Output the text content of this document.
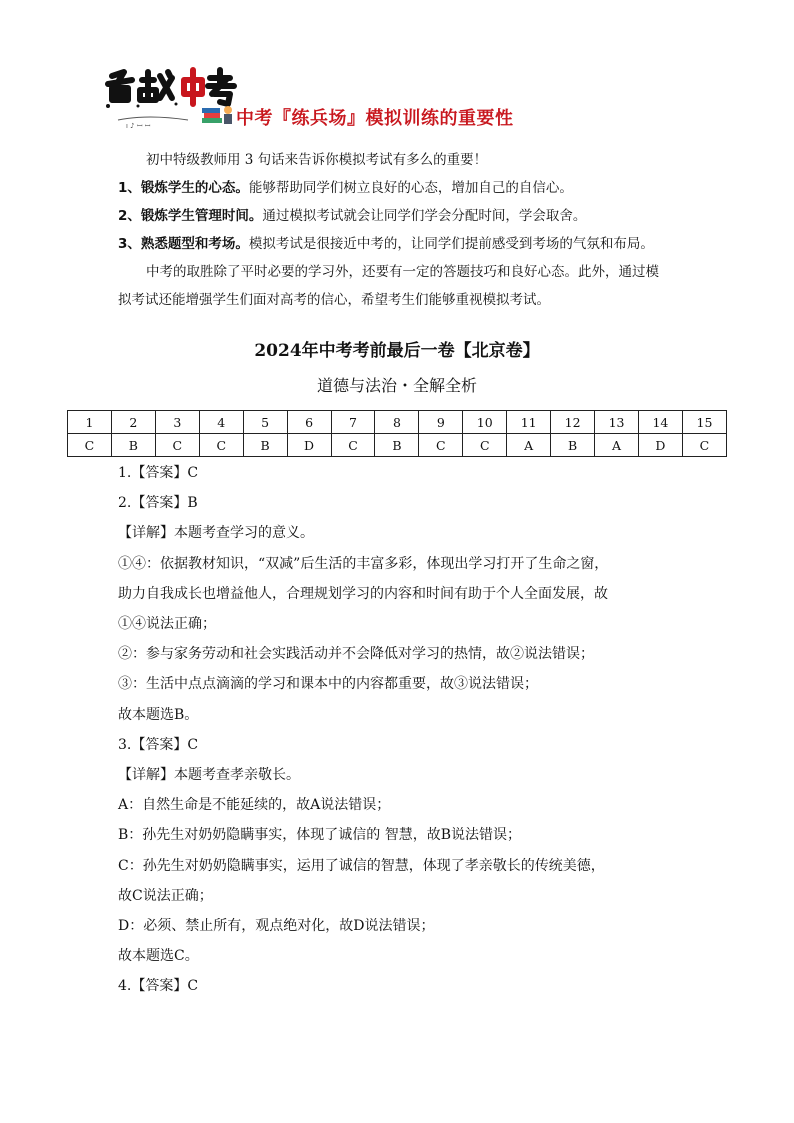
ו ♪ ꟷ ꟷ	中考『练兵场』模拟训练的重要性

初中特级教师用 3 句话来告诉你模拟考试有多么的重要！

1、锻炼学生的心态。能够帮助同学们树立良好的心态，增加自己的自信心。

2、锻炼学生管理时间。通过模拟考试就会让同学们学会分配时间，学会取舍。

3、熟悉题型和考场。模拟考试是很接近中考的，让同学们提前感受到考场的气氛和布局。

中考的取胜除了平时必要的学习外，还要有一定的答题技巧和良好心态。此外，通过模

拟考试还能增强学生们面对高考的信心，希望考生们能够重视模拟考试。

2024年中考考前最后一卷【北京卷】
道德与法治・全解全析
1	2	3	4	5	6	7	8	9	10	11	12	13	14	15
C	B	C	C	B	D	C	B	C	C	A	B	A	D	C

1.【答案】C

2.【答案】B

【详解】本题考查学习的意义。

①④：依据教材知识，“双减”后生活的丰富多彩，体现出学习打开了生命之窗，

助力自我成长也增益他人，合理规划学习的内容和时间有助于个人全面发展，故

①④说法正确；

②：参与家务劳动和社会实践活动并不会降低对学习的热情，故②说法错误；

③：生活中点点滴滴的学习和课本中的内容都重要，故③说法错误；

故本题选B。

3.【答案】C

【详解】本题考查孝亲敬长。

A：自然生命是不能延续的，故A说法错误；

B：孙先生对奶奶隐瞒事实，体现了诚信的 智慧，故B说法错误；

C：孙先生对奶奶隐瞒事实，运用了诚信的智慧，体现了孝亲敬长的传统美德，

故C说法正确；

D：必须、禁止所有，观点绝对化，故D说法错误；

故本题选C。

4.【答案】C
